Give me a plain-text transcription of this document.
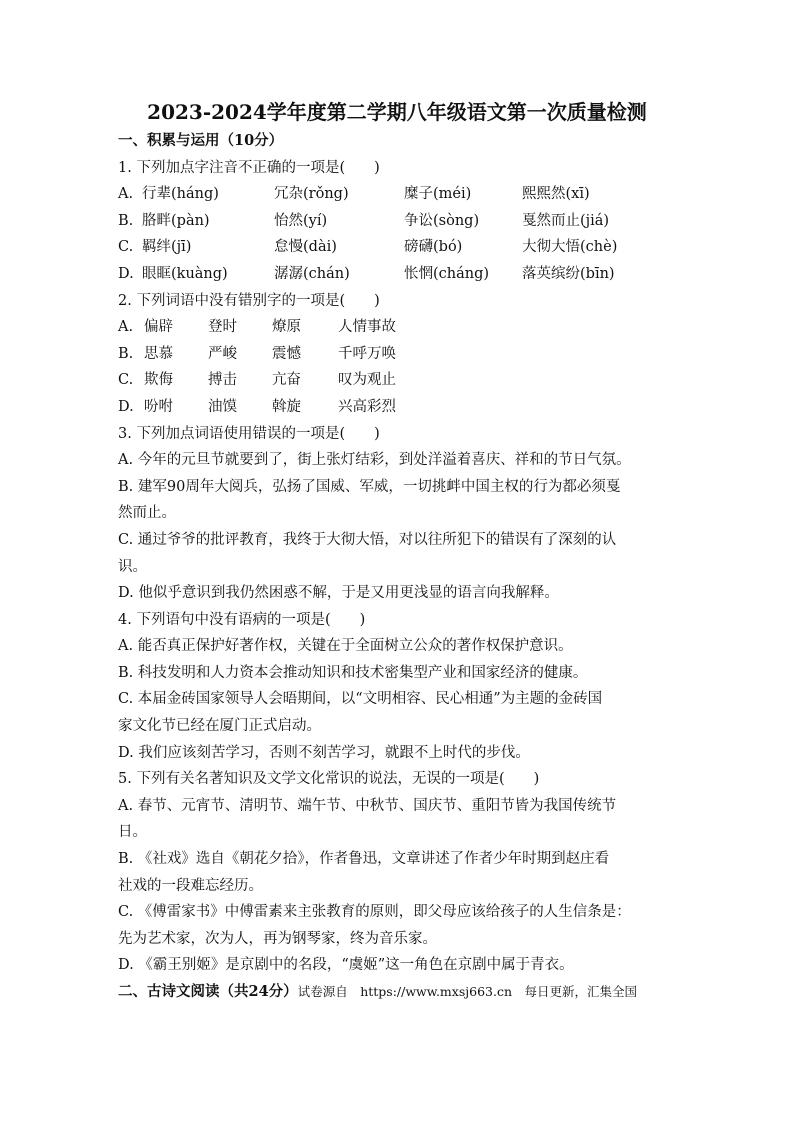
2023-2024学年度第二学期八年级语文第一次质量检测
一、积累与运用（10分）
1. 下列加点字注音不正确的一项是(　　)
A. 行辈(háng)	冗杂(rǒng)	糜子(méi)	熙熙然(xī)
B. 胳畔(pàn)	怡然(yí)	争讼(sòng)	戛然而止(jiá)
C. 羁绊(jī)	怠慢(dài)	磅礴(bó)	大彻大悟(chè)
D. 眼眶(kuàng)	潺潺(chán)	怅惘(cháng)	落英缤纷(bīn)
2. 下列词语中没有错别字的一项是(　　)
A. 偏辟	登时	燎原	人情事故
B. 思慕	严峻	震憾	千呼万唤
C. 欺侮	搏击	亢奋	叹为观止
D. 吩咐	油馍	斡旋	兴高彩烈
3. 下列加点词语使用错误的一项是(　　)
A. 今年的元旦节就要到了，街上张灯结彩，到处洋溢着喜庆、祥和的节日气氛。
B. 建军90周年大阅兵，弘扬了国威、军威，一切挑衅中国主权的行为都必须戛
然而止。
C. 通过爷爷的批评教育，我终于大彻大悟，对以往所犯下的错误有了深刻的认
识。
D. 他似乎意识到我仍然困惑不解，于是又用更浅显的语言向我解释。
4. 下列语句中没有语病的一项是(　　)
A. 能否真正保护好著作权，关键在于全面树立公众的著作权保护意识。
B. 科技发明和人力资本会推动知识和技术密集型产业和国家经济的健康。
C. 本届金砖国家领导人会晤期间，以“文明相容、民心相通”为主题的金砖国
家文化节已经在厦门正式启动。
D. 我们应该刻苦学习，否则不刻苦学习，就跟不上时代的步伐。
5. 下列有关名著知识及文学文化常识的说法，无误的一项是(　　)
A. 春节、元宵节、清明节、端午节、中秋节、国庆节、重阳节皆为我国传统节
日。
B. 《社戏》选自《朝花夕拾》，作者鲁迅，文章讲述了作者少年时期到赵庄看
社戏的一段难忘经历。
C. 《傅雷家书》中傅雷素来主张教育的原则，即父母应该给孩子的人生信条是：
先为艺术家，次为人，再为钢琴家，终为音乐家。
D. 《霸王别姬》是京剧中的名段，“虞姬”这一角色在京剧中属于青衣。
二、古诗文阅读（共24分）试卷源自　https://www.mxsj663.cn　每日更新，汇集全国
